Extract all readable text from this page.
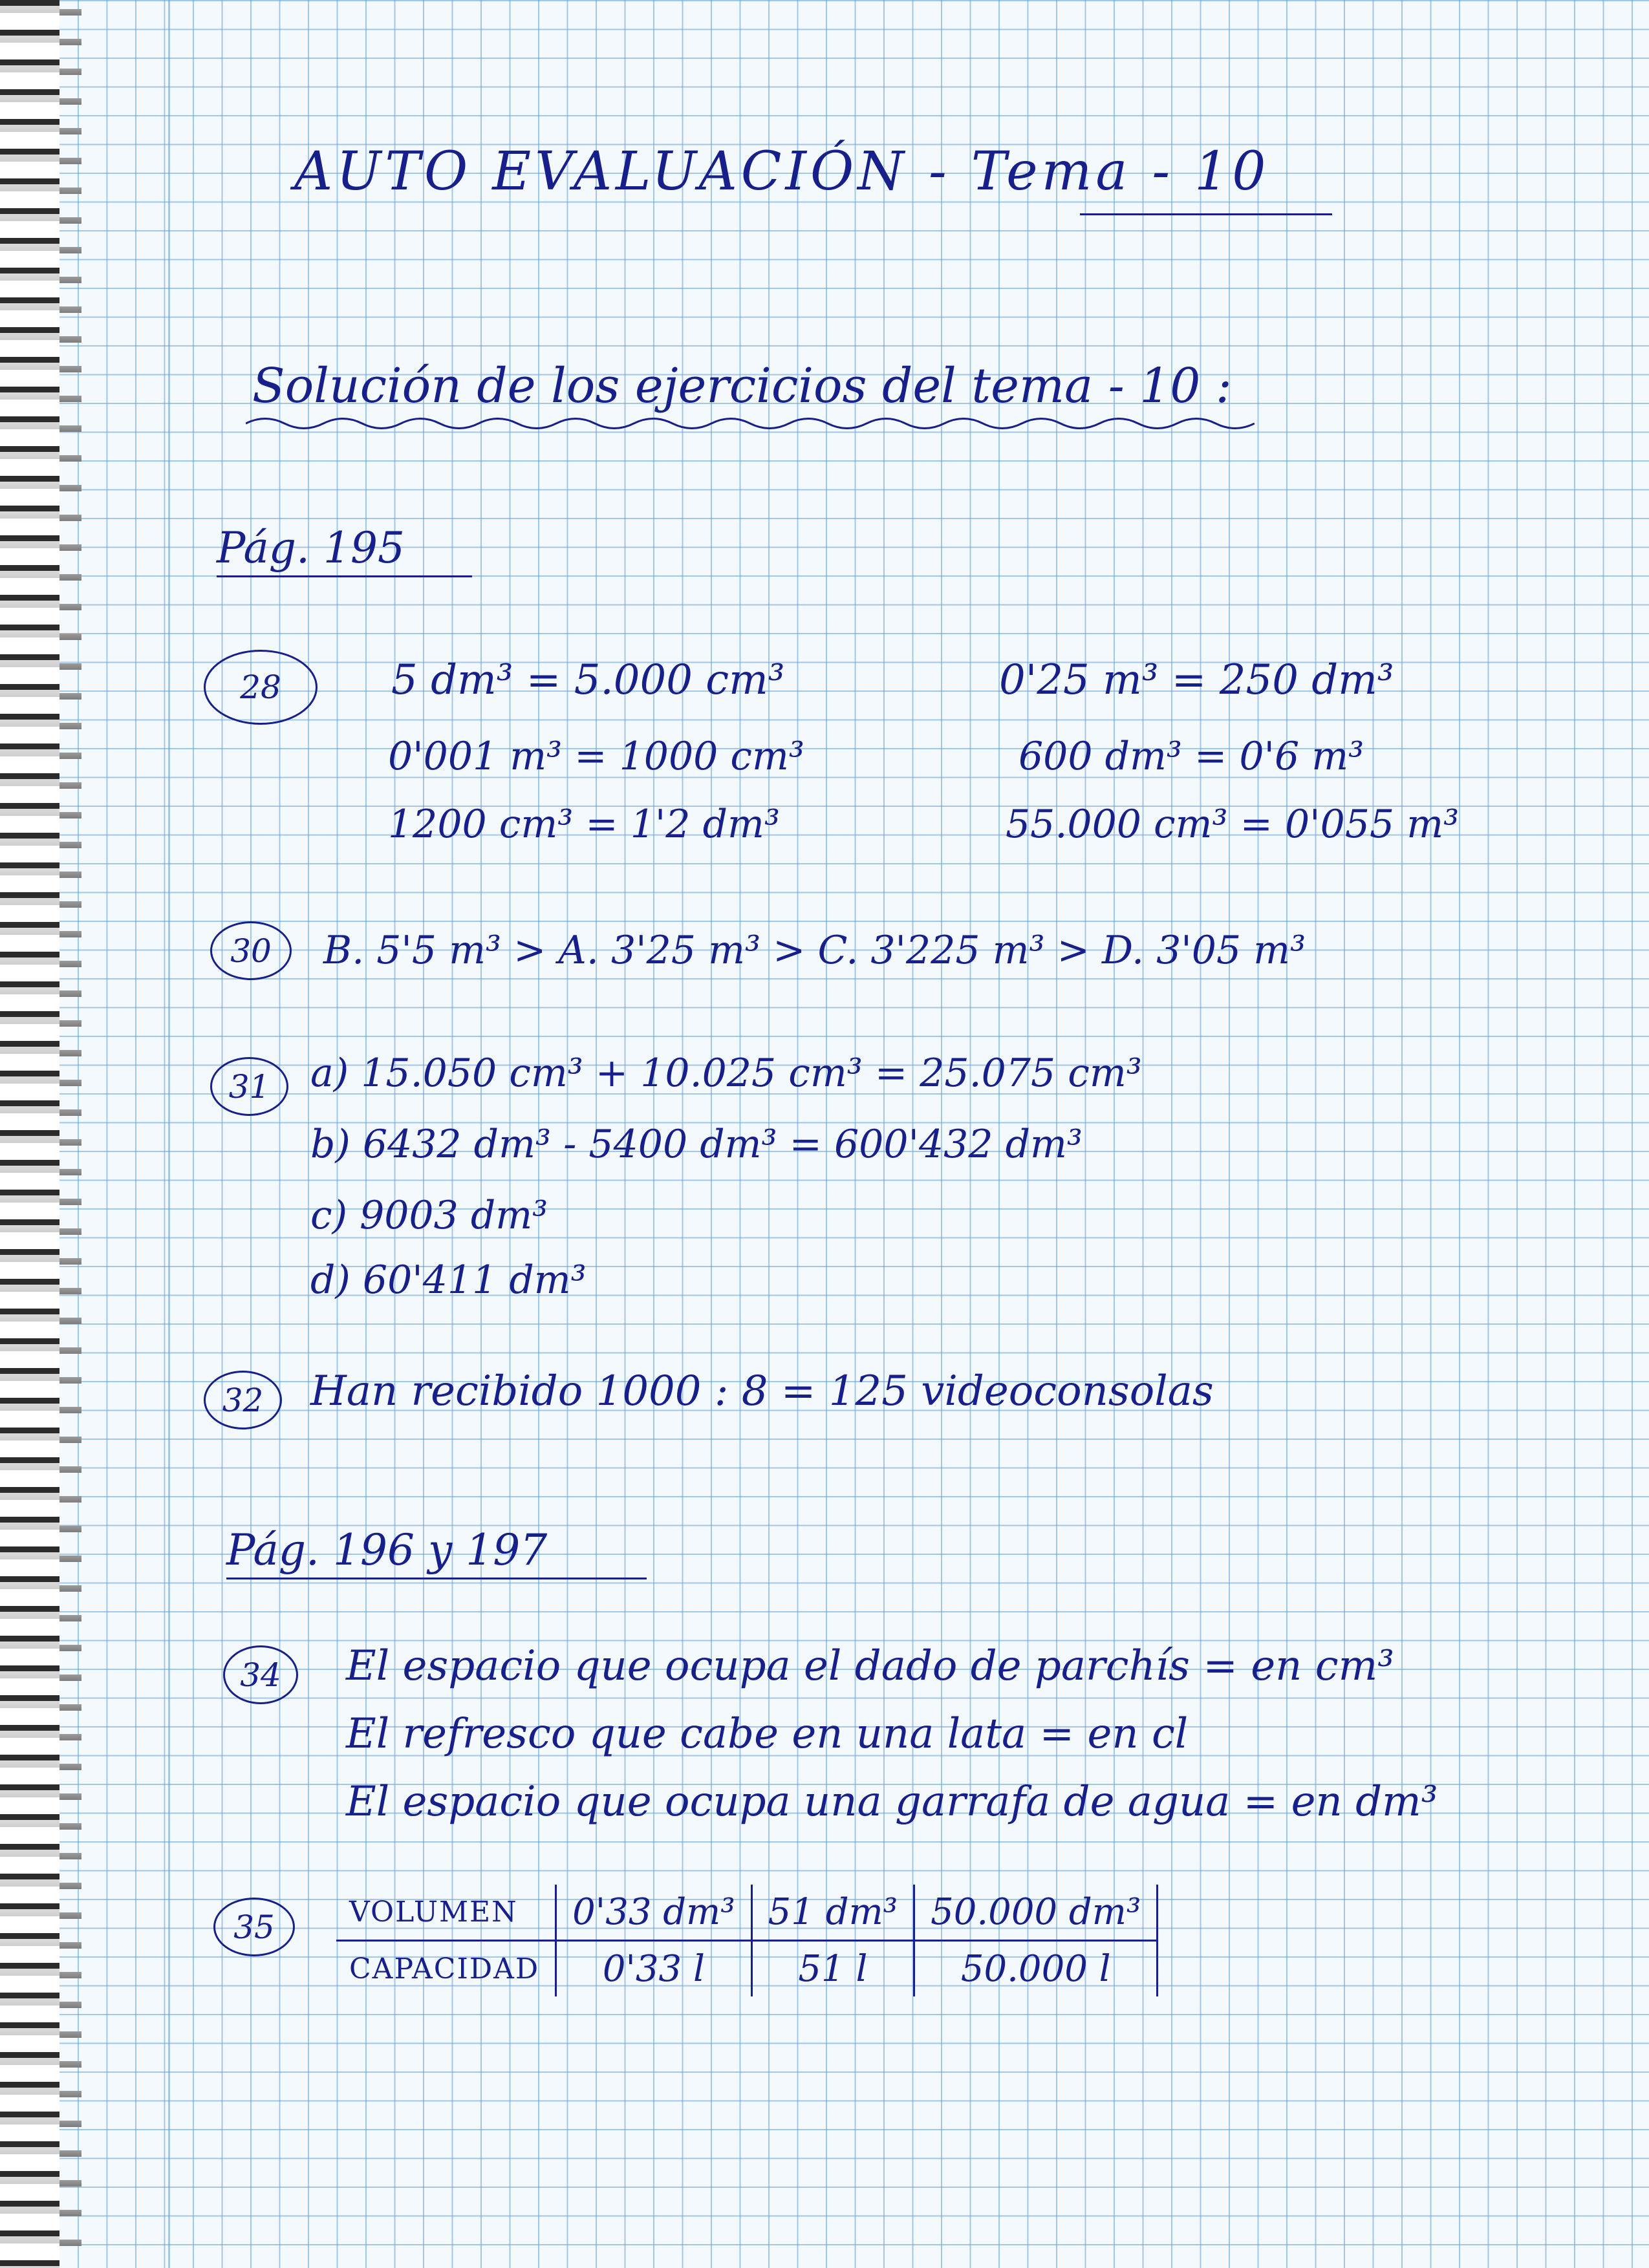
AUTO EVALUACIÓN - Tema - 10
Solución de los ejercicios del tema - 10 :
Pág. 195
28	5 dm³ = 5.000 cm³
0'001 m³ = 1000 cm³
1200 cm³ = 1'2 dm³
0'25 m³ = 250 dm³
600 dm³ = 0'6 m³
55.000 cm³ = 0'055 m³
30	B. 5'5 m³ > A. 3'25 m³ > C. 3'225 m³ > D. 3'05 m³
31	a) 15.050 cm³ + 10.025 cm³ = 25.075 cm³
b) 6432 dm³ - 5400 dm³ = 600'432 dm³
c) 9003 dm³
d) 60'411 dm³
32	Han recibido 1000 : 8 = 125 videoconsolas
Pág. 196 y 197
34	El espacio que ocupa el dado de parchís = en cm³
El refresco que cabe en una lata = en cl
El espacio que ocupa una garrafa de agua = en dm³
35	VOLUMEN	0'33 dm³	51 dm³	50.000 dm³
CAPACIDAD	0'33 l	51 l	50.000 l
